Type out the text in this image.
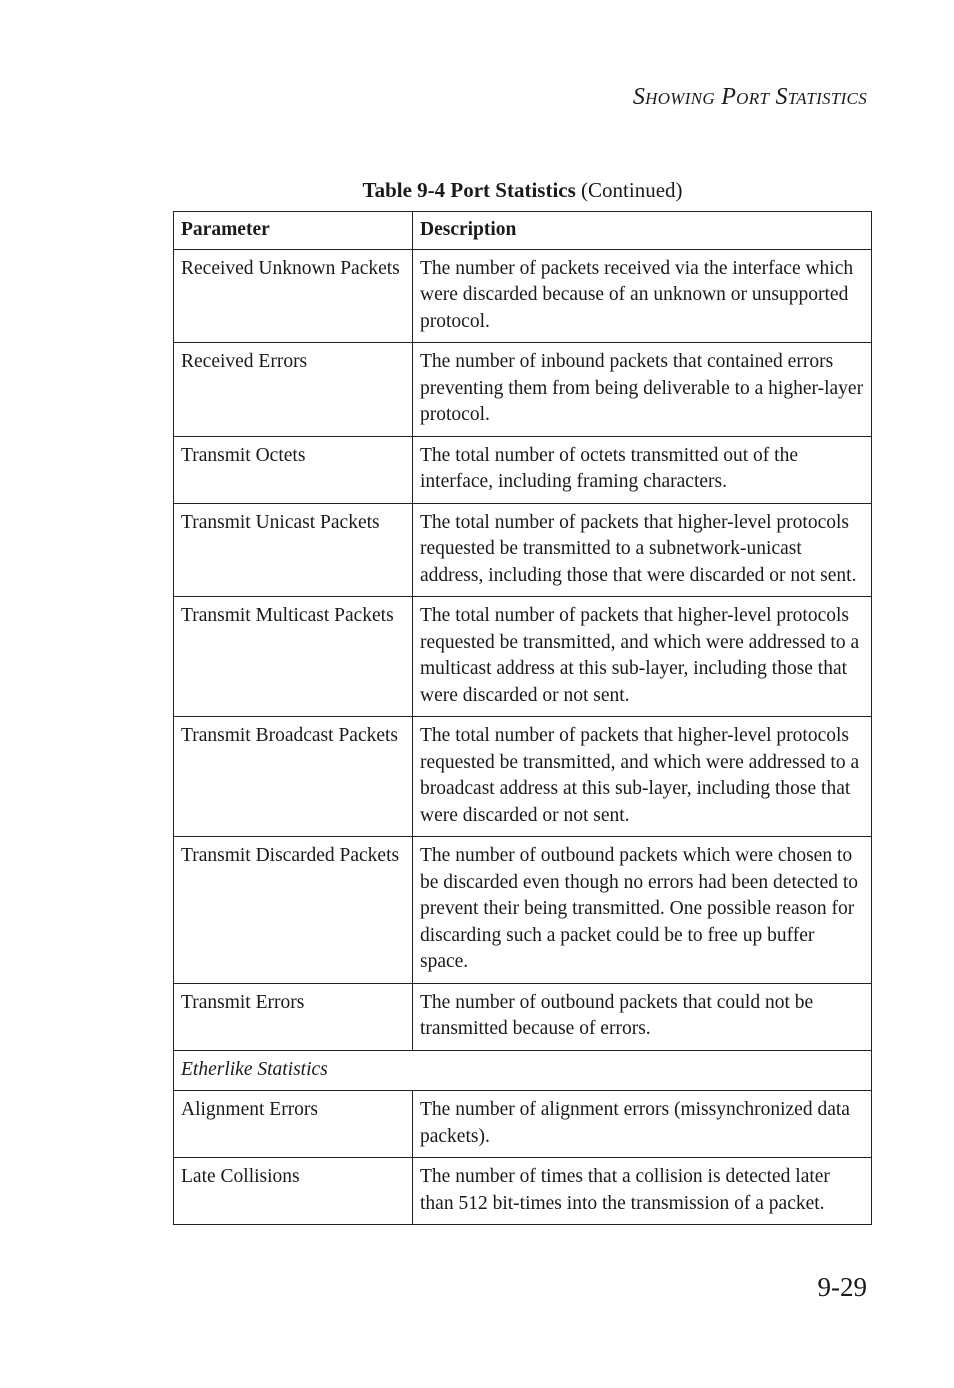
Showing Port Statistics
Table 9-4 Port Statistics (Continued)
Parameter	Description
Received Unknown Packets	The number of packets received via the interface which were discarded because of an unknown or unsupported protocol.
Received Errors	The number of inbound packets that contained errors preventing them from being deliverable to a higher-layer protocol.
Transmit Octets	The total number of octets transmitted out of the interface, including framing characters.
Transmit Unicast Packets	The total number of packets that higher-level protocols requested be transmitted to a subnetwork-unicast address, including those that were discarded or not sent.
Transmit Multicast Packets	The total number of packets that higher-level protocols requested be transmitted, and which were addressed to a multicast address at this sub-layer, including those that were discarded or not sent.
Transmit Broadcast Packets	The total number of packets that higher-level protocols requested be transmitted, and which were addressed to a broadcast address at this sub-layer, including those that were discarded or not sent.
Transmit Discarded Packets	The number of outbound packets which were chosen to be discarded even though no errors had been detected to prevent their being transmitted. One possible reason for discarding such a packet could be to free up buffer space.
Transmit Errors	The number of outbound packets that could not be transmitted because of errors.
Etherlike Statistics	
Alignment Errors	The number of alignment errors (missynchronized data packets).
Late Collisions	The number of times that a collision is detected later than 512 bit-times into the transmission of a packet.
9-29
